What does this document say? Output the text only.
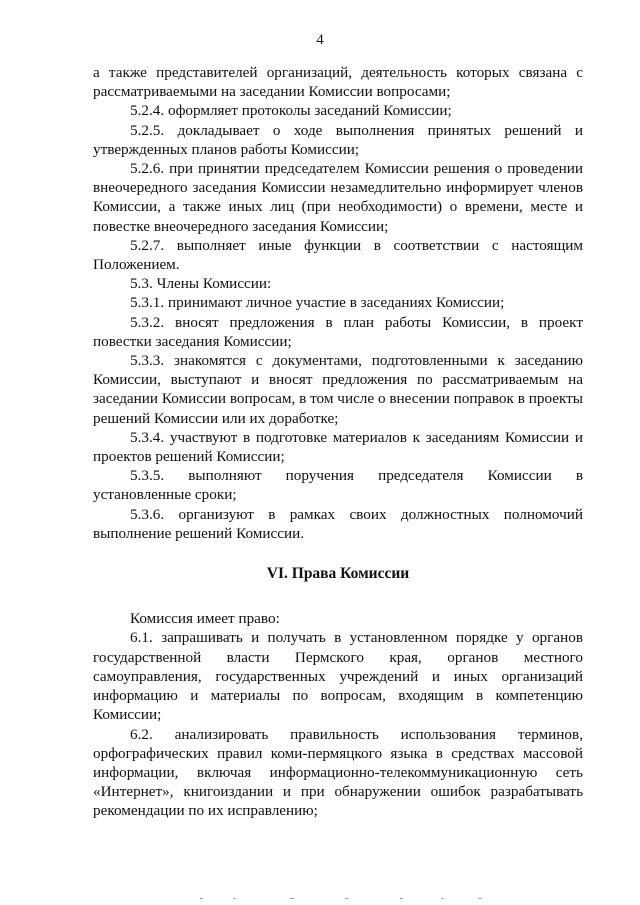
4

а также представителей организаций, деятельность которых связана с рассматриваемыми на заседании Комиссии вопросами;

5.2.4. оформляет протоколы заседаний Комиссии;

5.2.5. докладывает о ходе выполнения принятых решений и утвержденных планов работы Комиссии;

5.2.6. при принятии председателем Комиссии решения о проведении внеочередного заседания Комиссии незамедлительно информирует членов Комиссии, а также иных лиц (при необходимости) о времени, месте и повестке внеочередного заседания Комиссии;

5.2.7. выполняет иные функции в соответствии с настоящим Положением.

5.3. Члены Комиссии:

5.3.1. принимают личное участие в заседаниях Комиссии;

5.3.2. вносят предложения в план работы Комиссии, в проект повестки заседания Комиссии;

5.3.3. знакомятся с документами, подготовленными к заседанию Комиссии, выступают и вносят предложения по рассматриваемым на заседании Комиссии вопросам, в том числе о внесении поправок в проекты решений Комиссии или их доработке;

5.3.4. участвуют в подготовке материалов к заседаниям Комиссии и проектов решений Комиссии;

5.3.5. выполняют поручения председателя Комиссии в установленные сроки;

5.3.6. организуют в рамках своих должностных полномочий выполнение решений Комиссии.

VI. Права Комиссии

Комиссия имеет право:

6.1. запрашивать и получать в установленном порядке у органов государственной власти Пермского края, органов местного самоуправления, государственных учреждений и иных организаций информацию и материалы по вопросам, входящим в компетенцию Комиссии;

6.2. анализировать правильность использования терминов, орфографических правил коми-пермяцкого языка в средствах массовой информации, включая информационно-телекоммуникационную сеть «Интернет», книгоиздании и при обнаружении ошибок разрабатывать рекомендации по их исправлению;
